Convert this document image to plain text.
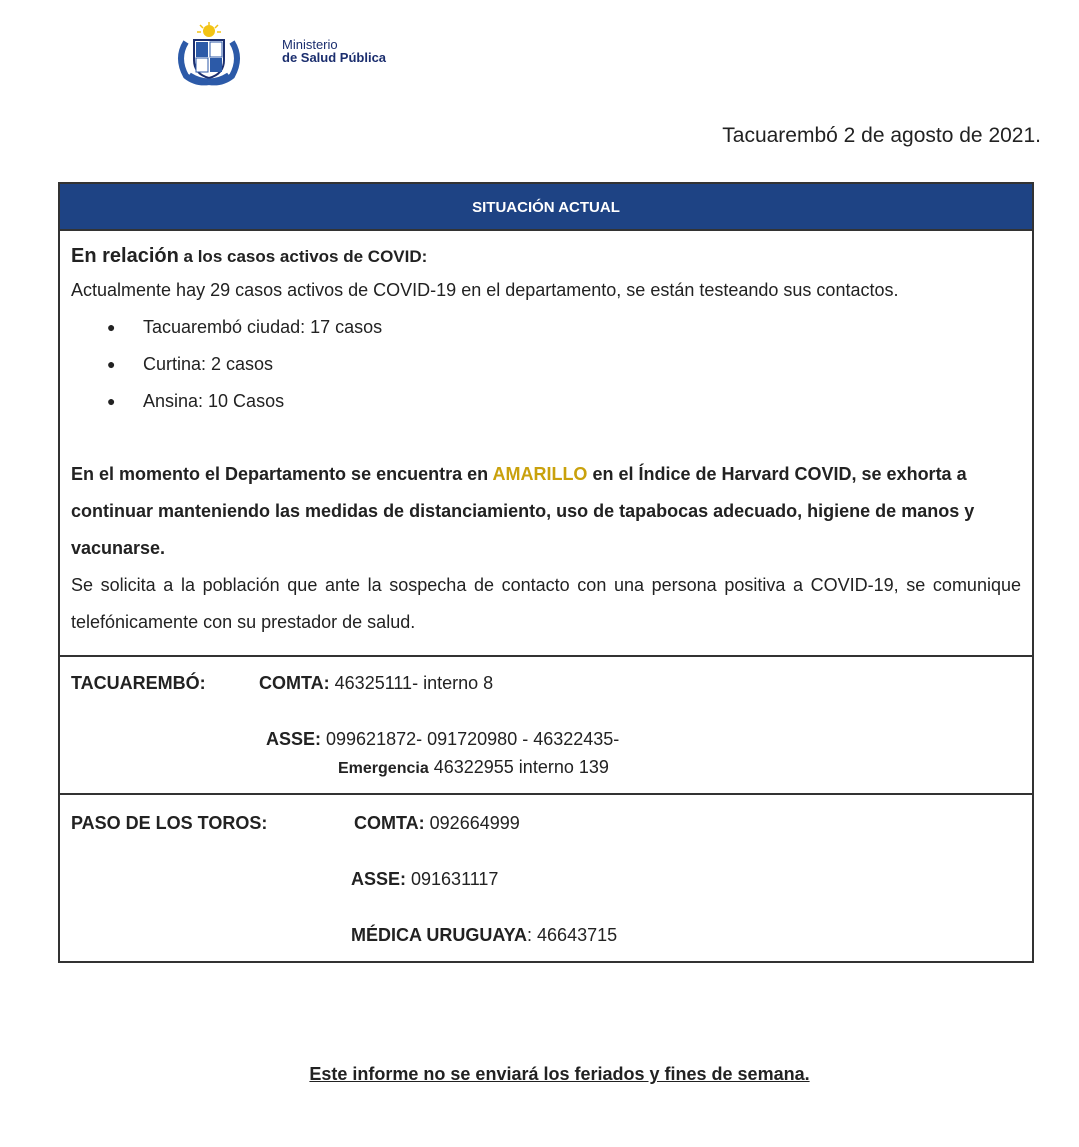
Ministerio
de Salud Pública
Tacuarembó 2 de agosto de 2021.
SITUACIÓN ACTUAL

En relación a los casos activos de COVID:

Actualmente hay 29 casos activos de COVID-19 en el departamento, se están testeando sus contactos.

● Tacuarembó ciudad: 17 casos
● Curtina: 2 casos
● Ansina: 10 Casos

En el momento el Departamento se encuentra en AMARILLO en el Índice de Harvard COVID, se exhorta a continuar manteniendo las medidas de distanciamiento, uso de tapabocas adecuado, higiene de manos y vacunarse.

Se solicita a la población que ante la sospecha de contacto con una persona positiva a COVID-19, se comunique telefónicamente con su prestador de salud.

TACUAREMBÓ:	COMTA: 46325111- interno 8
ASSE: 099621872- 091720980 - 46322435-
Emergencia 46322955 interno 139
PASO DE LOS TOROS:	COMTA: 092664999
ASSE: 091631117
MÉDICA URUGUAYA: 46643715
Este informe no se enviará los feriados y fines de semana.
